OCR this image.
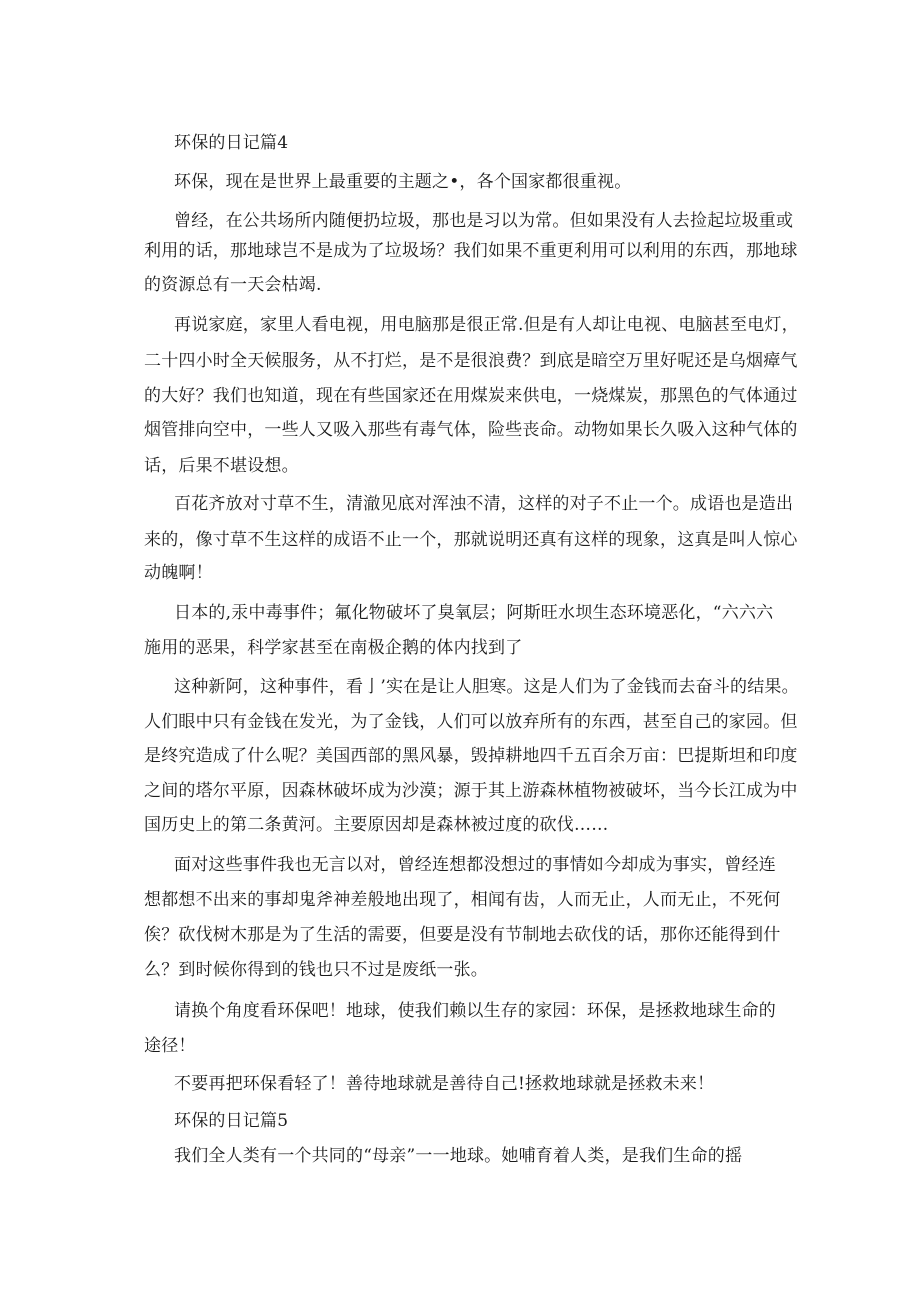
环保的日记篇4
环保，现在是世界上最重要的主题之•，各个国家都很重视。
曾经，在公共场所内随便扔垃圾，那也是习以为常。但如果没有人去捡起垃圾重或
利用的话，那地球岂不是成为了垃圾场？我们如果不重更利用可以利用的东西，那地球
的资源总有一天会枯竭.
再说家庭，家里人看电视，用电脑那是很正常.但是有人却让电视、电脑甚至电灯，
二十四小时全天候服务，从不打烂，是不是很浪费？到底是暗空万里好呢还是乌烟瘴气
的大好？我们也知道，现在有些国家还在用煤炭来供电，一烧煤炭，那黑色的气体通过
烟管排向空中，一些人又吸入那些有毒气体，险些丧命。动物如果长久吸入这种气体的
话，后果不堪设想。
百花齐放对寸草不生，清澈见底对浑浊不清，这样的对子不止一个。成语也是造出
来的，像寸草不生这样的成语不止一个，那就说明还真有这样的现象，这真是叫人惊心
动魄啊！
日本的,汞中毒事件；氟化物破坏了臭氧层；阿斯旺水坝生态环境恶化，“六六六
施用的恶果，科学家甚至在南极企鹅的体内找到了
这种新阿，这种事件，看亅’实在是让人胆寒。这是人们为了金钱而去奋斗的结果。
人们眼中只有金钱在发光，为了金钱，人们可以放弃所有的东西，甚至自己的家园。但
是终究造成了什么呢？美国西部的黑风暴，毁掉耕地四千五百余万亩：巴提斯坦和印度
之间的塔尔平原，因森林破坏成为沙漠；源于其上游森林植物被破坏，当今长江成为中
国历史上的第二条黄河。主要原因却是森林被过度的砍伐……
面对这些事件我也无言以对，曾经连想都没想过的事情如今却成为事实，曾经连
想都想不出来的事却鬼斧神差般地出现了，相闻有齿，人而无止，人而无止，不死何
俟？砍伐树木那是为了生活的需要，但要是没有节制地去砍伐的话，那你还能得到什
么？到时候你得到的钱也只不过是废纸一张。
请换个角度看环保吧！地球，使我们赖以生存的家园：环保，是拯救地球生命的
途径！
不要再把环保看轻了！善待地球就是善待自己!拯救地球就是拯救未来！
环保的日记篇5
我们全人类有一个共同的“母亲”一一地球。她哺育着人类，是我们生命的摇
